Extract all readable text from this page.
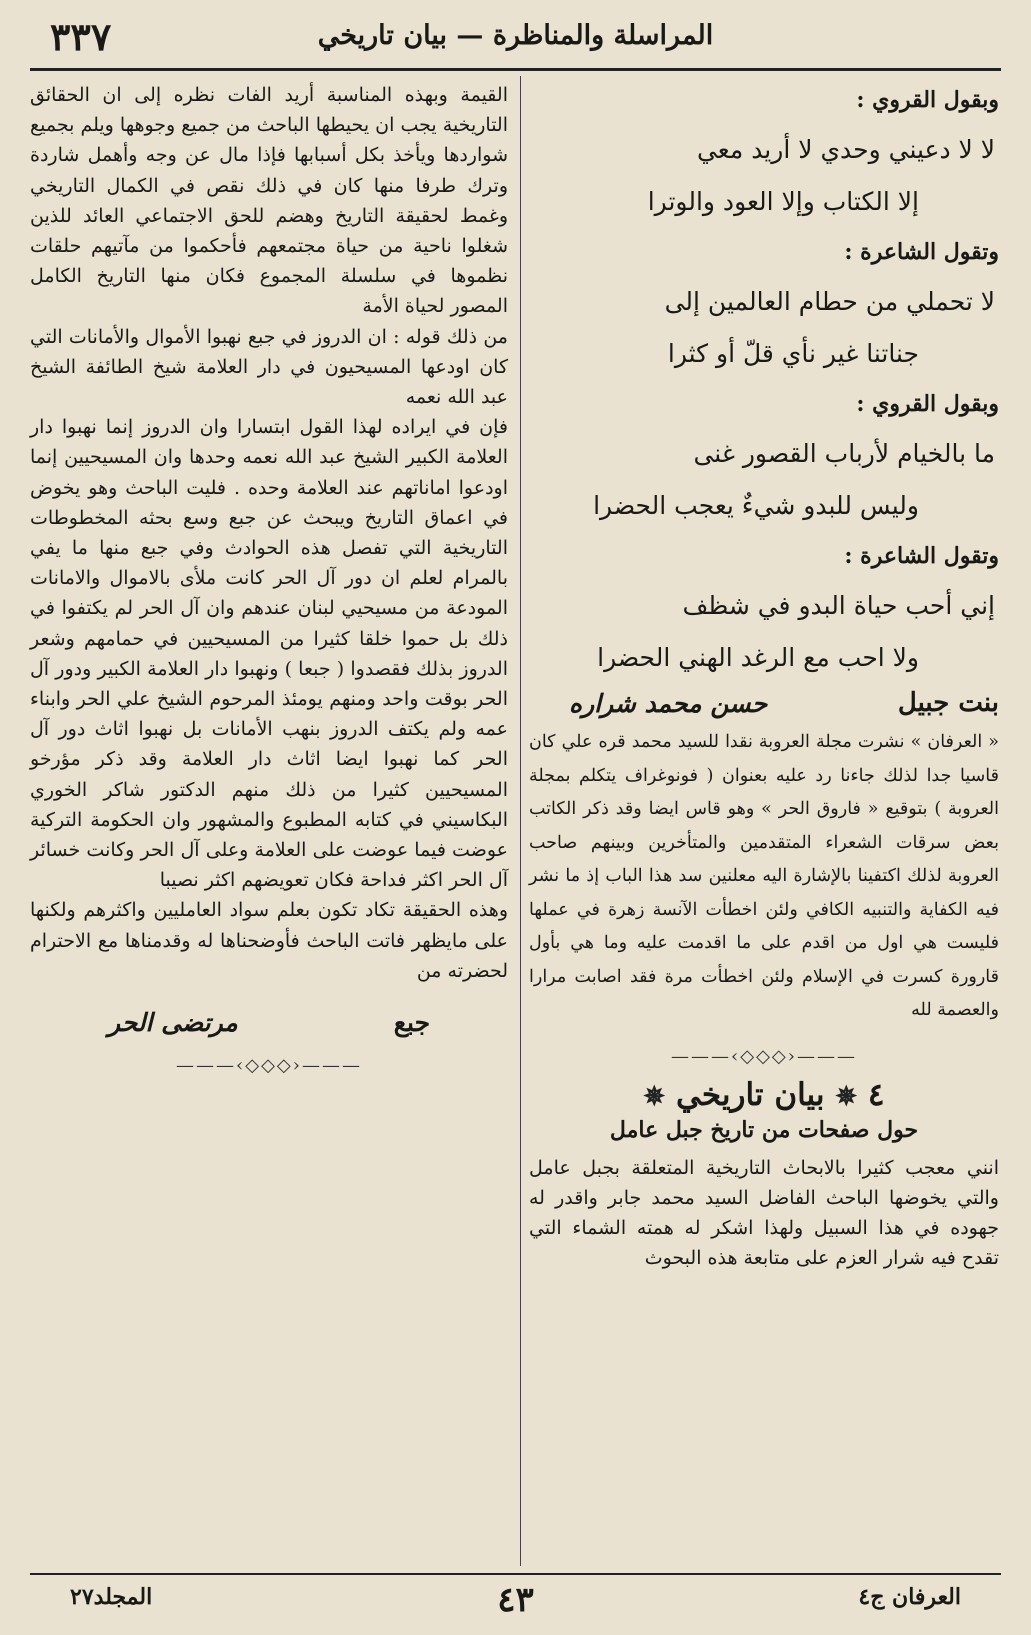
٣٣٧	المراسلة والمناظرة — بيان تاريخي
وبقول القروي :
لا لا دعيني وحدي لا أريد معي
إلا الكتاب وإلا العود والوترا
وتقول الشاعرة :
لا تحملي من حطام العالمين إلى
جناتنا غير نأي قلّ أو كثرا
وبقول القروي :
ما بالخيام لأرباب القصور غنى
وليس للبدو شيءٌ يعجب الحضرا
وتقول الشاعرة :
إني أحب حياة البدو في شظف
ولا احب مع الرغد الهني الحضرا
بنت جبيل
حسن محمد شراره

« العرفان » نشرت مجلة العروبة نقدا للسيد محمد قره علي كان قاسيا جدا لذلك جاءنا رد عليه بعنوان ( فونوغراف يتكلم بمجلة العروبة ) بتوقيع « فاروق الحر » وهو قاس ايضا وقد ذكر الكاتب بعض سرقات الشعراء المتقدمين والمتأخرين وبينهم صاحب العروبة لذلك اكتفينا بالإشارة اليه معلنين سد هذا الباب إذ ما نشر فيه الكفاية والتنبيه الكافي ولئن اخطأت الآنسة زهرة في عملها فليست هي اول من اقدم على ما اقدمت عليه وما هي بأول قارورة كسرت في الإسلام ولئن اخطأت مرة فقد اصابت مرارا والعصمة لله

———‹◇◇◇›———
٤ ✵ بيان تاريخي ✵
حول صفحات من تاريخ جبل عامل

انني معجب كثيرا بالابحاث التاريخية المتعلقة بجبل عامل والتي يخوضها الباحث الفاضل السيد محمد جابر واقدر له جهوده في هذا السبيل ولهذا اشكر له همته الشماء التي تقدح فيه شرار العزم على متابعة هذه البحوث

القيمة وبهذه المناسبة أريد الفات نظره إلى ان الحقائق التاريخية يجب ان يحيطها الباحث من جميع وجوهها ويلم بجميع شواردها ويأخذ بكل أسبابها فإذا مال عن وجه وأهمل شاردة وترك طرفا منها كان في ذلك نقص في الكمال التاريخي وغمط لحقيقة التاريخ وهضم للحق الاجتماعي العائد للذين شغلوا ناحية من حياة مجتمعهم فأحكموا من مآتيهم حلقات نظموها في سلسلة المجموع فكان منها التاريخ الكامل المصور لحياة الأمة

من ذلك قوله : ان الدروز في جبع نهبوا الأموال والأمانات التي كان اودعها المسيحيون في دار العلامة شيخ الطائفة الشيخ عبد الله نعمه

فإن في ايراده لهذا القول ابتسارا وان الدروز إنما نهبوا دار العلامة الكبير الشيخ عبد الله نعمه وحدها وان المسيحيين إنما اودعوا اماناتهم عند العلامة وحده . فليت الباحث وهو يخوض في اعماق التاريخ ويبحث عن جبع وسع بحثه المخطوطات التاريخية التي تفصل هذه الحوادث وفي جبع منها ما يفي بالمرام لعلم ان دور آل الحر كانت ملأى بالاموال والامانات المودعة من مسيحيي لبنان عندهم وان آل الحر لم يكتفوا في ذلك بل حموا خلقا كثيرا من المسيحيين في حمامهم وشعر الدروز بذلك فقصدوا ( جبعا ) ونهبوا دار العلامة الكبير ودور آل الحر بوقت واحد ومنهم يومئذ المرحوم الشيخ علي الحر وابناء عمه ولم يكتف الدروز بنهب الأمانات بل نهبوا اثاث دور آل الحر كما نهبوا ايضا اثاث دار العلامة وقد ذكر مؤرخو المسيحيين كثيرا من ذلك منهم الدكتور شاكر الخوري البكاسيني في كتابه المطبوع والمشهور وان الحكومة التركية عوضت فيما عوضت على العلامة وعلى آل الحر وكانت خسائر آل الحر اكثر فداحة فكان تعويضهم اكثر نصيبا

وهذه الحقيقة تكاد تكون بعلم سواد العامليين واكثرهم ولكنها على مايظهر فاتت الباحث فأوضحناها له وقدمناها مع الاحترام لحضرته من

جبع
مرتضى الحر
———‹◇◇◇›———
العرفان ج٤
٤٣
المجلد٢٧
